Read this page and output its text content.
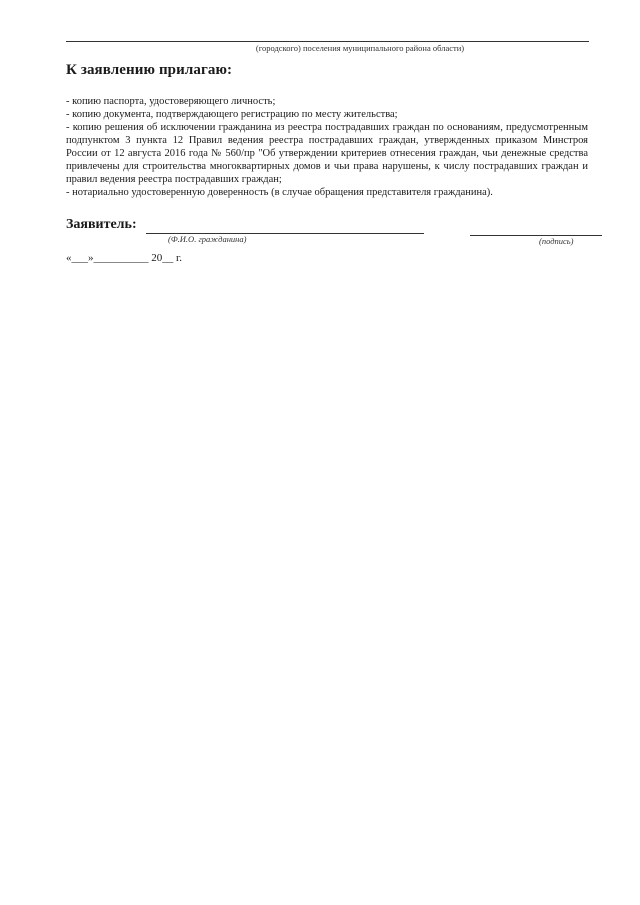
(городского) поселения муниципального района области)
К заявлению прилагаю:
- копию паспорта, удостоверяющего личность;
- копию документа, подтверждающего регистрацию по месту жительства;
- копию решения об исключении гражданина из реестра пострадавших граждан по основаниям, предусмотренным подпунктом 3 пункта 12 Правил ведения реестра пострадавших граждан, утвержденных приказом Минстроя России от 12 августа 2016 года № 560/пр "Об утверждении критериев отнесения граждан, чьи денежные средства привлечены для строительства многоквартирных домов и чьи права нарушены, к числу пострадавших граждан и правил ведения реестра пострадавших граждан;
- нотариально удостоверенную доверенность (в случае обращения представителя гражданина).
Заявитель:
(Ф.И.О. гражданина)	(подпись)
«___»__________ 20__ г.
